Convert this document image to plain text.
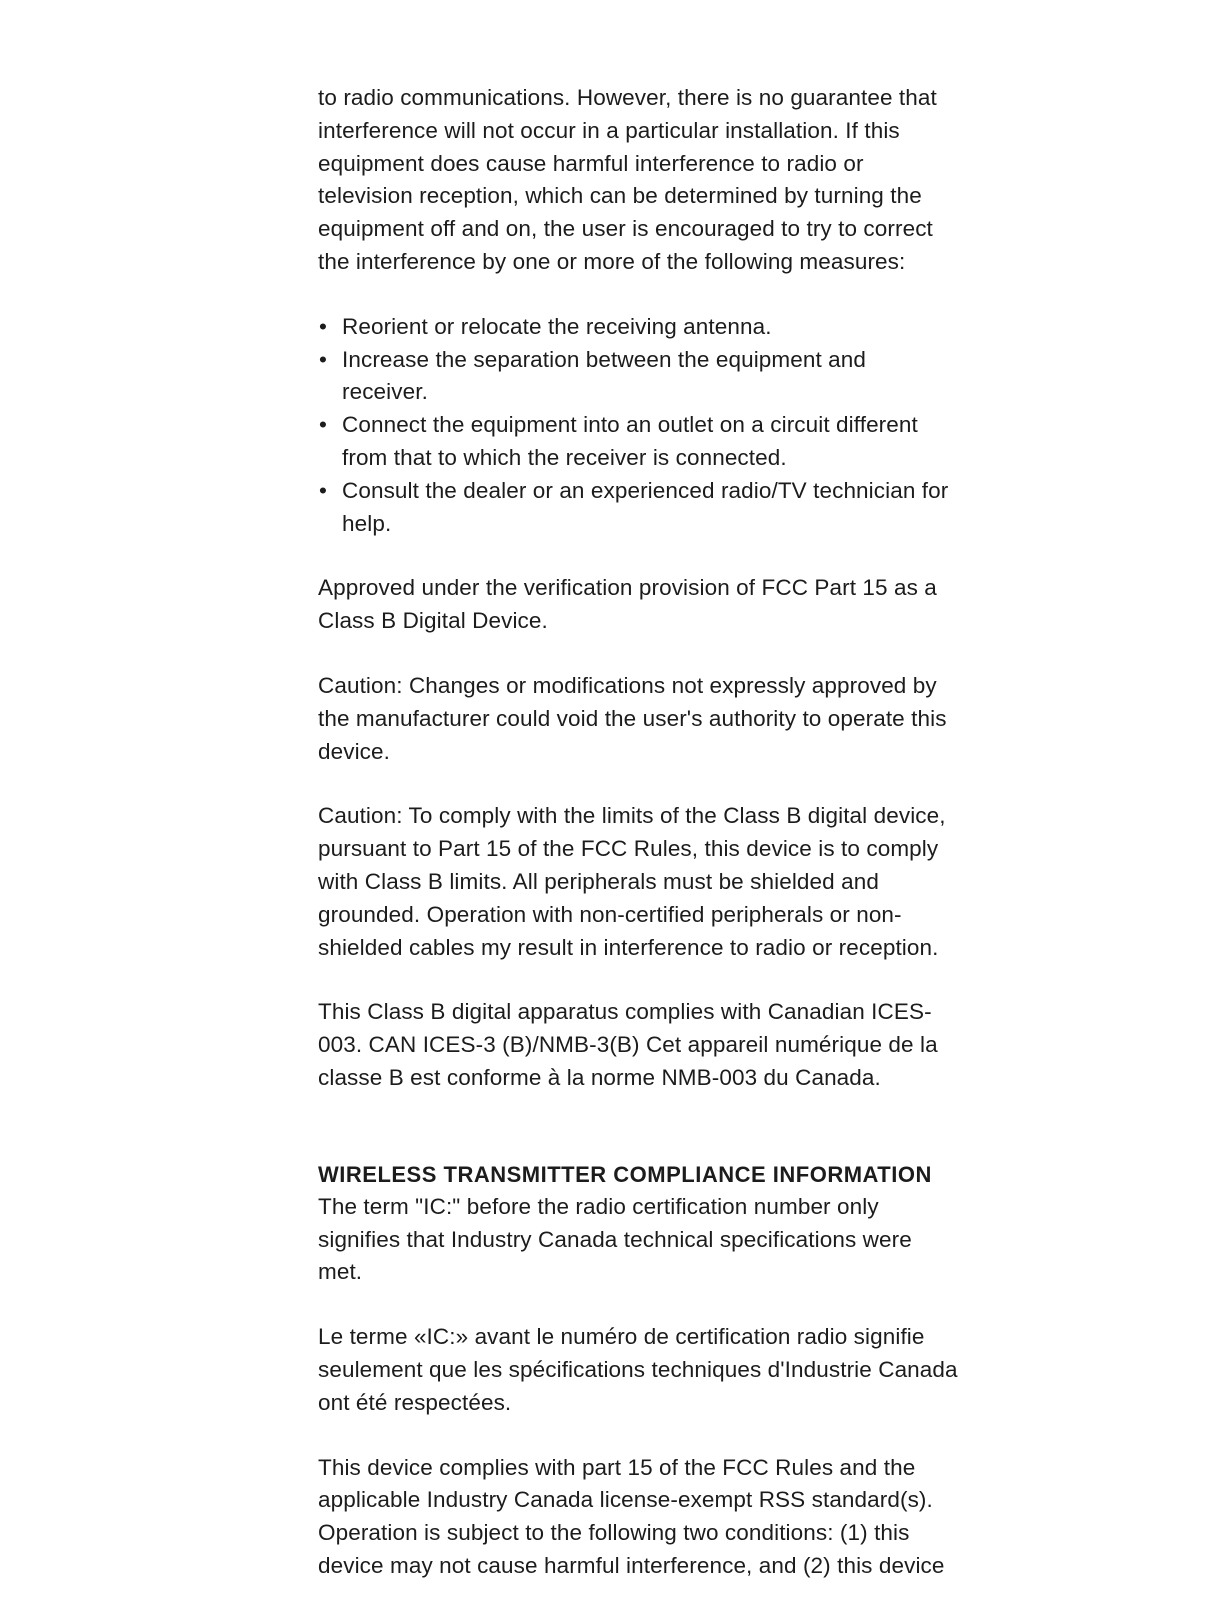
to radio communications. However, there is no guarantee that interference will not occur in a particular installation. If this equipment does cause harmful interference to radio or television reception, which can be determined by turning the equipment off and on, the user is encouraged to try to correct the interference by one or more of the following measures:

• Reorient or relocate the receiving antenna.
• Increase the separation between the equipment and receiver.
• Connect the equipment into an outlet on a circuit different from that to which the receiver is connected.
• Consult the dealer or an experienced radio/TV technician for help.

Approved under the verification provision of FCC Part 15 as a Class B Digital Device.

Caution: Changes or modifications not expressly approved by the manufacturer could void the user's authority to operate this device.

Caution: To comply with the limits of the Class B digital device, pursuant to Part 15 of the FCC Rules, this device is to comply with Class B limits. All peripherals must be shielded and grounded. Operation with non-certified peripherals or non-shielded cables my result in interference to radio or reception.

This Class B digital apparatus complies with Canadian ICES-003. CAN ICES-3 (B)/NMB-3(B) Cet appareil numérique de la classe B est conforme à la norme NMB-003 du Canada.

WIRELESS TRANSMITTER COMPLIANCE INFORMATION

The term "IC:" before the radio certification number only signifies that Industry Canada technical specifications were met.

Le terme «IC:» avant le numéro de certification radio signifie seulement que les spécifications techniques d'Industrie Canada ont été respectées.

This device complies with part 15 of the FCC Rules and the applicable Industry Canada license-exempt RSS standard(s). Operation is subject to the following two conditions: (1) this device may not cause harmful interference, and (2) this device
